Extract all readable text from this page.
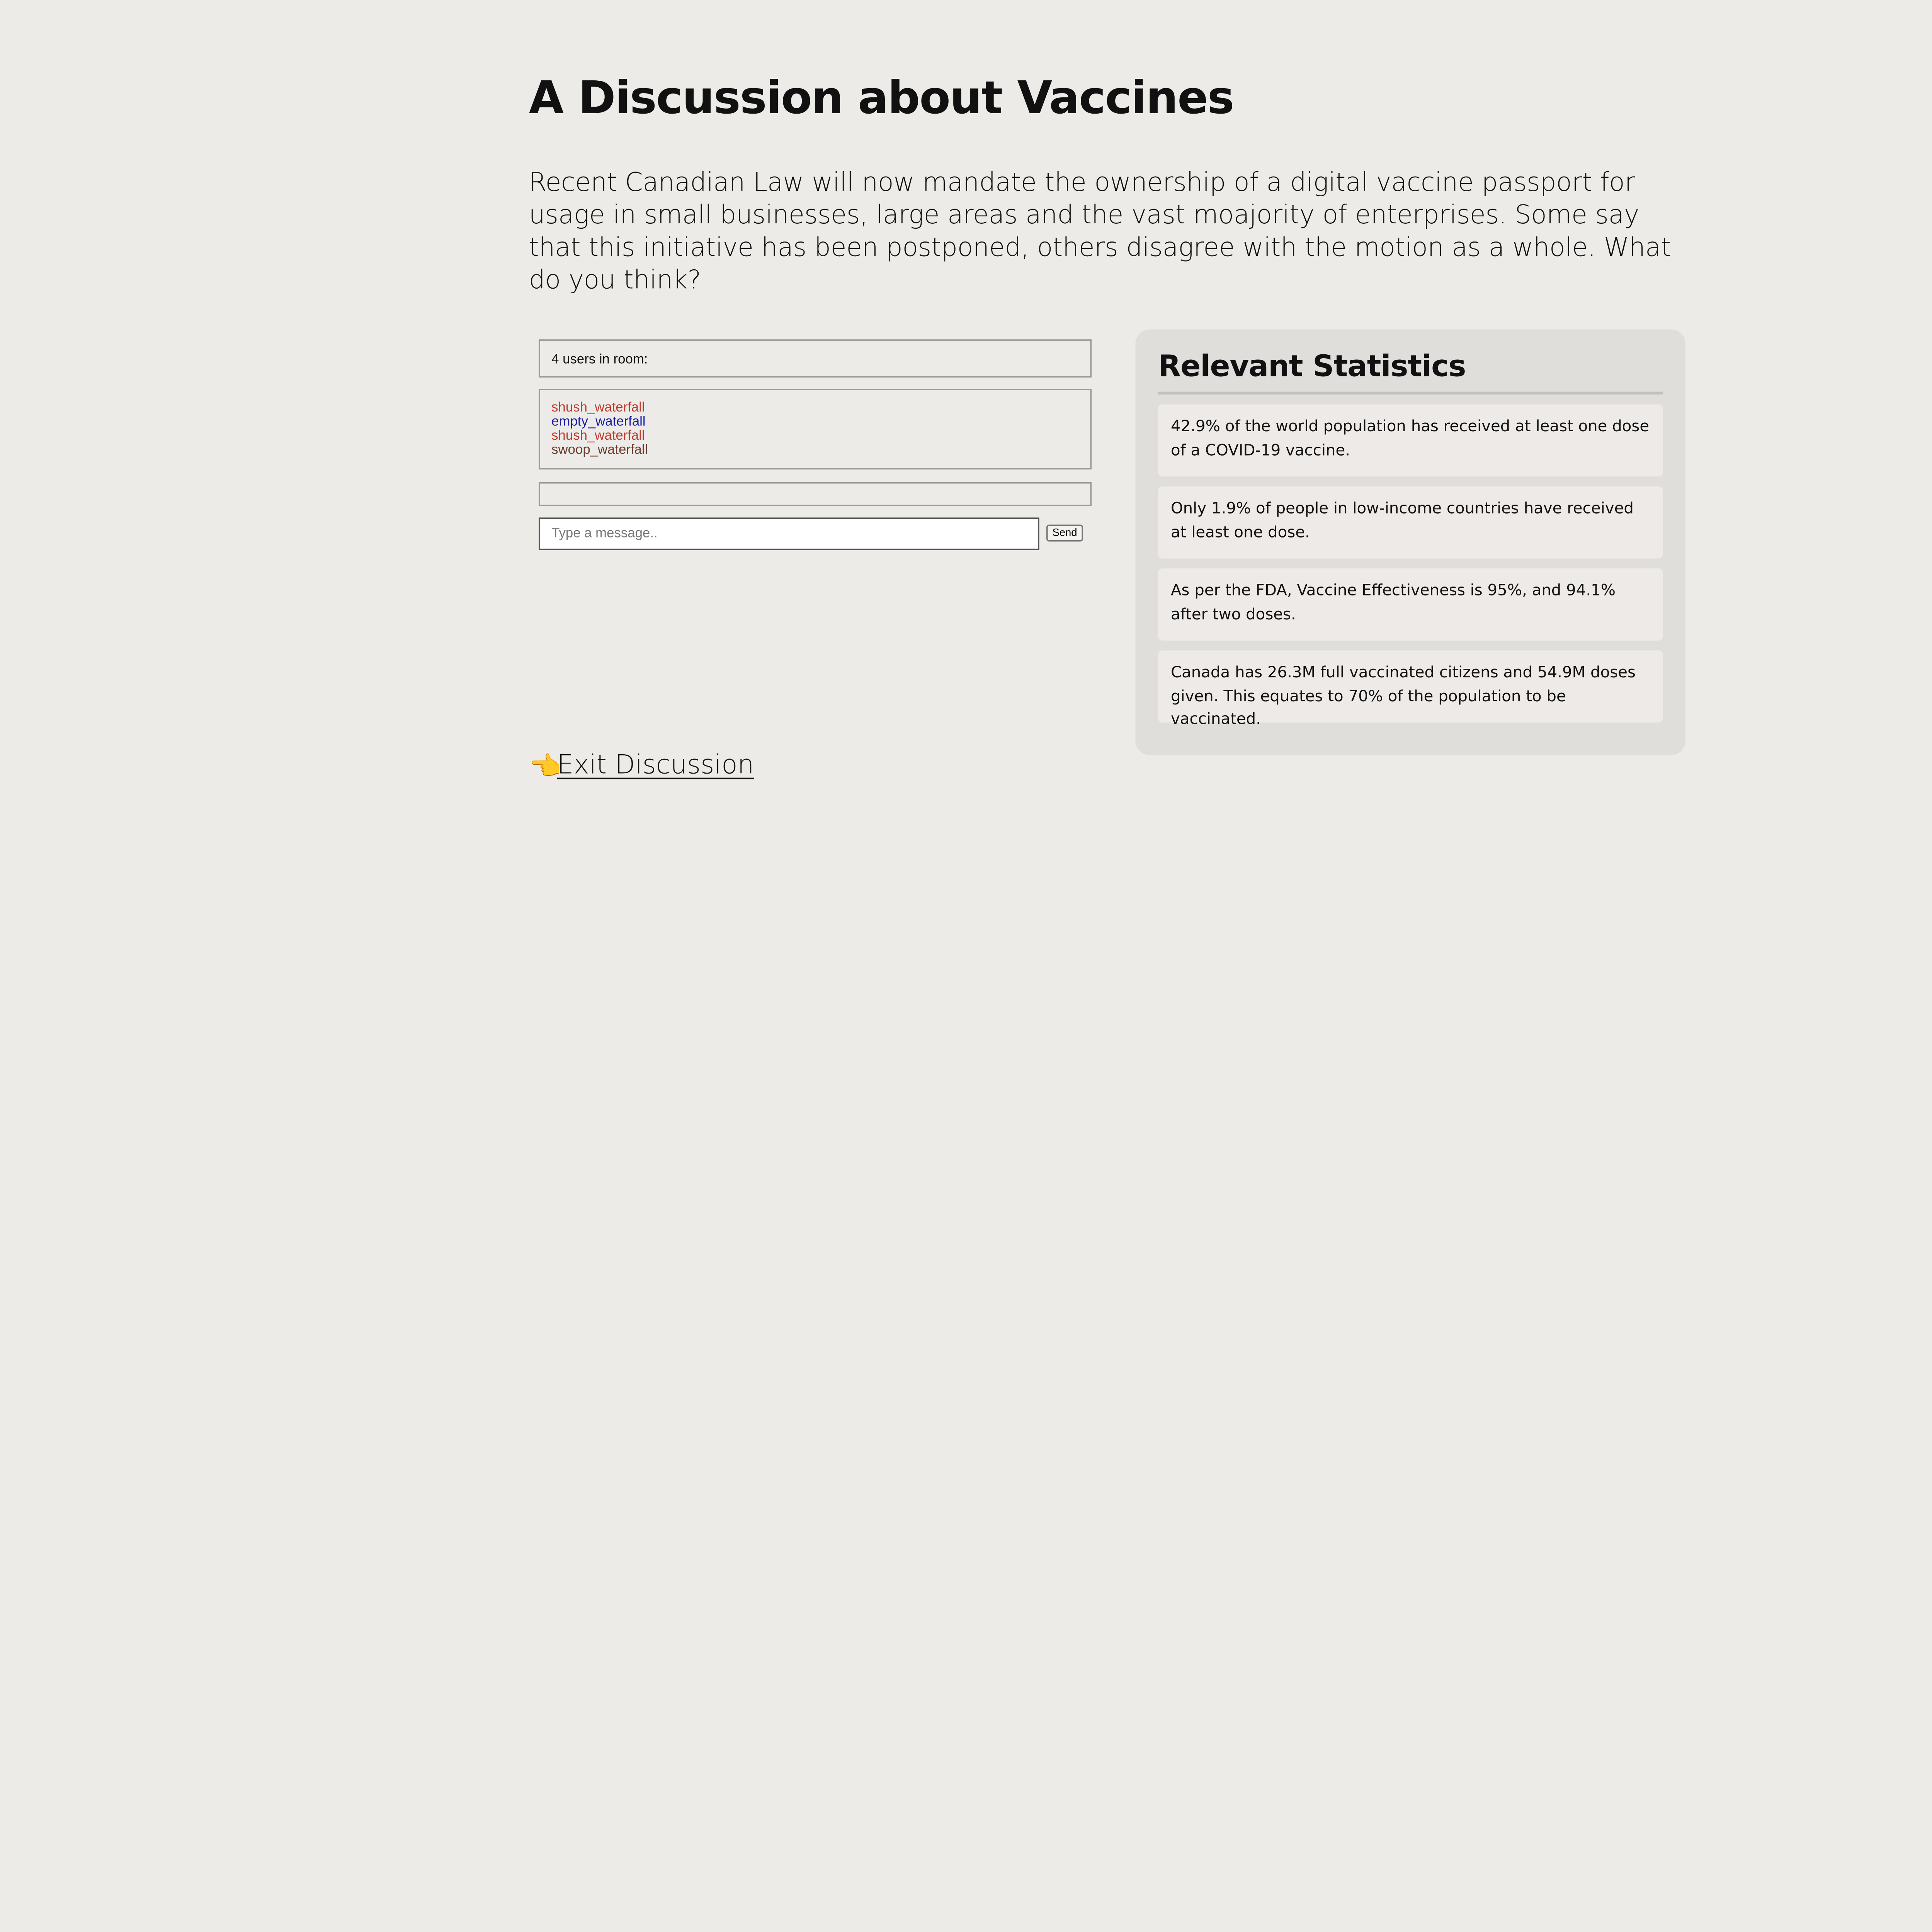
A Discussion about Vaccines

Recent Canadian Law will now mandate the ownership of a digital vaccine passport for usage in small businesses, large areas and the vast moajority of enterprises. Some say that this initiative has been postponed, others disagree with the motion as a whole. What do you think?

4 users in room:
shush_waterfall
empty_waterfall
shush_waterfall
swoop_waterfall
Type a message..
Send
Relevant Statistics
42.9% of the world population has received at least one dose of a COVID-19 vaccine.
Only 1.9% of people in low-income countries have received at least one dose.
As per the FDA, Vaccine Effectiveness is 95%, and 94.1% after two doses.
Canada has 26.3M full vaccinated citizens and 54.9M doses given. This equates to 70% of the population to be vaccinated.
👈Exit Discussion
